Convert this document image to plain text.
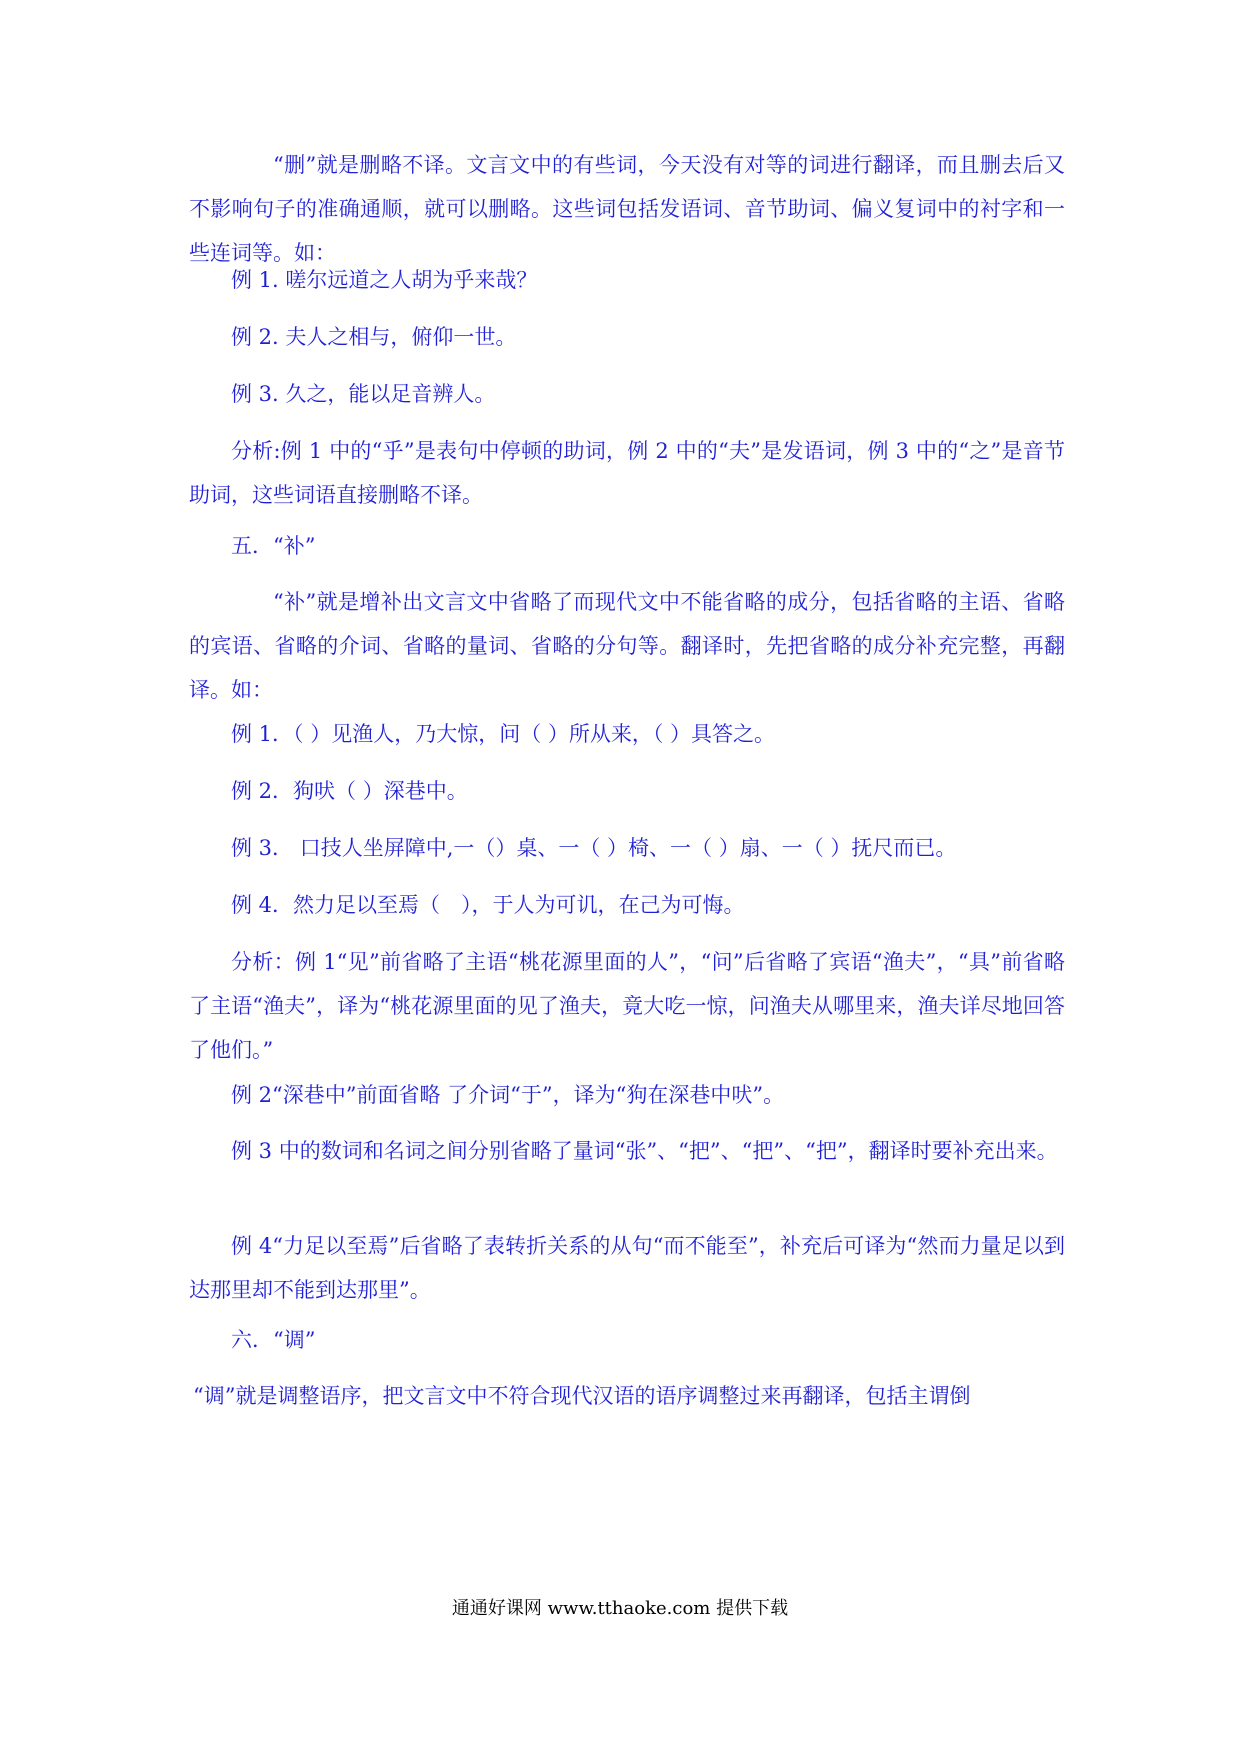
“删”就是删略不译。文言文中的有些词，今天没有对等的词进行翻译，而且删去后又不影响句子的准确通顺，就可以删略。这些词包括发语词、音节助词、偏义复词中的衬字和一些连词等。如：

例 1. 嗟尔远道之人胡为乎来哉？

例 2. 夫人之相与，俯仰一世。

例 3. 久之，能以足音辨人。

分析:例 1 中的“乎”是表句中停顿的助词，例 2 中的“夫”是发语词，例 3 中的“之”是音节助词，这些词语直接删略不译。

五．“补”

“补”就是增补出文言文中省略了而现代文中不能省略的成分，包括省略的主语、省略的宾语、省略的介词、省略的量词、省略的分句等。翻译时，先把省略的成分补充完整，再翻译。如：

例 1．（ ）见渔人，乃大惊，问（ ）所从来，（ ）具答之。

例 2．狗吠（ ）深巷中。

例 3． 口技人坐屏障中,一（）桌、一（ ）椅、一（ ）扇、一（ ）抚尺而已。

例 4．然力足以至焉（　），于人为可讥，在己为可悔。

分析：例 1“见”前省略了主语“桃花源里面的人”，“问”后省略了宾语“渔夫”，“具”前省略了主语“渔夫”，译为“桃花源里面的见了渔夫，竟大吃一惊，问渔夫从哪里来，渔夫详尽地回答了他们。”

例 2“深巷中”前面省略 了介词“于”，译为“狗在深巷中吠”。

例 3 中的数词和名词之间分别省略了量词“张”、“把”、“把”、“把”，翻译时要补充出来。

例 4“力足以至焉”后省略了表转折关系的从句“而不能至”，补充后可译为“然而力量足以到达那里却不能到达那里”。

六．“调”

“调”就是调整语序，把文言文中不符合现代汉语的语序调整过来再翻译，包括主谓倒

通通好课网 www.tthaoke.com 提供下载
